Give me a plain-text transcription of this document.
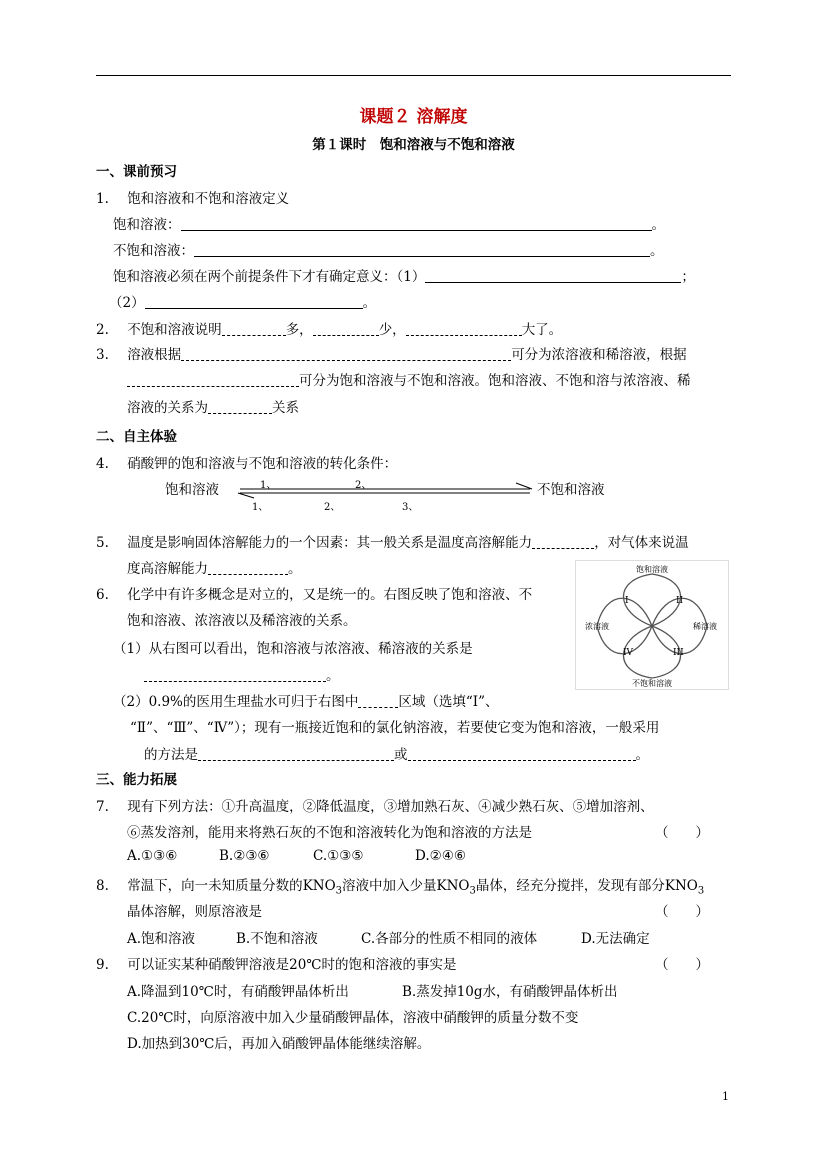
课题２ 溶解度
第１课时　饱和溶液与不饱和溶液
一、课前预习
1. 饱和溶液和不饱和溶液定义
饱和溶液：	。
不饱和溶液：	。
饱和溶液必须在两个前提条件下才有确定意义：（1）	；
（2）	。
2. 不饱和溶液说明	多，	少，	大了。
3. 溶液根据	可分为浓溶液和稀溶液，根据
可分为饱和溶液与不饱和溶液。饱和溶液、不饱和溶与浓溶液、稀
溶液的关系为	关系
二、自主体验
4. 硝酸钾的饱和溶液与不饱和溶液的转化条件：
饱和溶液	不饱和溶液
1、	2、
1、	2、	3、
5. 温度是影响固体溶解能力的一个因素：其一般关系是温度高溶解能力	，对气体来说温
度高溶解能力	。
6. 化学中有许多概念是对立的，又是统一的。右图反映了饱和溶液、不
饱和溶液、浓溶液以及稀溶液的关系。
（1）从右图可以看出，饱和溶液与浓溶液、稀溶液的关系是
。
（2）0.9%的医用生理盐水可归于右图中	区域（选填“Ⅰ”、
“Ⅱ”、“Ⅲ”、“Ⅳ”）；现有一瓶接近饱和的氯化钠溶液，若要使它变为饱和溶液，一般采用
的方法是	或	。
饱和溶液
不饱和溶液
浓溶液	稀溶液
I	II
III
IV
三、能力拓展
7. 现有下列方法：①升高温度，②降低温度，③增加熟石灰、④减少熟石灰、⑤增加溶剂、
⑥蒸发溶剂，能用来将熟石灰的不饱和溶液转化为饱和溶液的方法是	（　　）
A.①③⑥	B.②③⑥	C.①③⑤	D.②④⑥
8. 常温下，向一未知质量分数的$KNO_3$溶液中加入少量$KNO_3$晶体，经充分搅拌，发现有部分$KNO_3$
晶体溶解，则原溶液是	（　　）
A.饱和溶液	B.不饱和溶液	C.各部分的性质不相同的液体	D.无法确定
9. 可以证实某种硝酸钾溶液是20℃时的饱和溶液的事实是	（　　）
A.降温到10℃时，有硝酸钾晶体析出	B.蒸发掉10g水，有硝酸钾晶体析出
C.20℃时，向原溶液中加入少量硝酸钾晶体，溶液中硝酸钾的质量分数不变
D.加热到30℃后，再加入硝酸钾晶体能继续溶解。
1
